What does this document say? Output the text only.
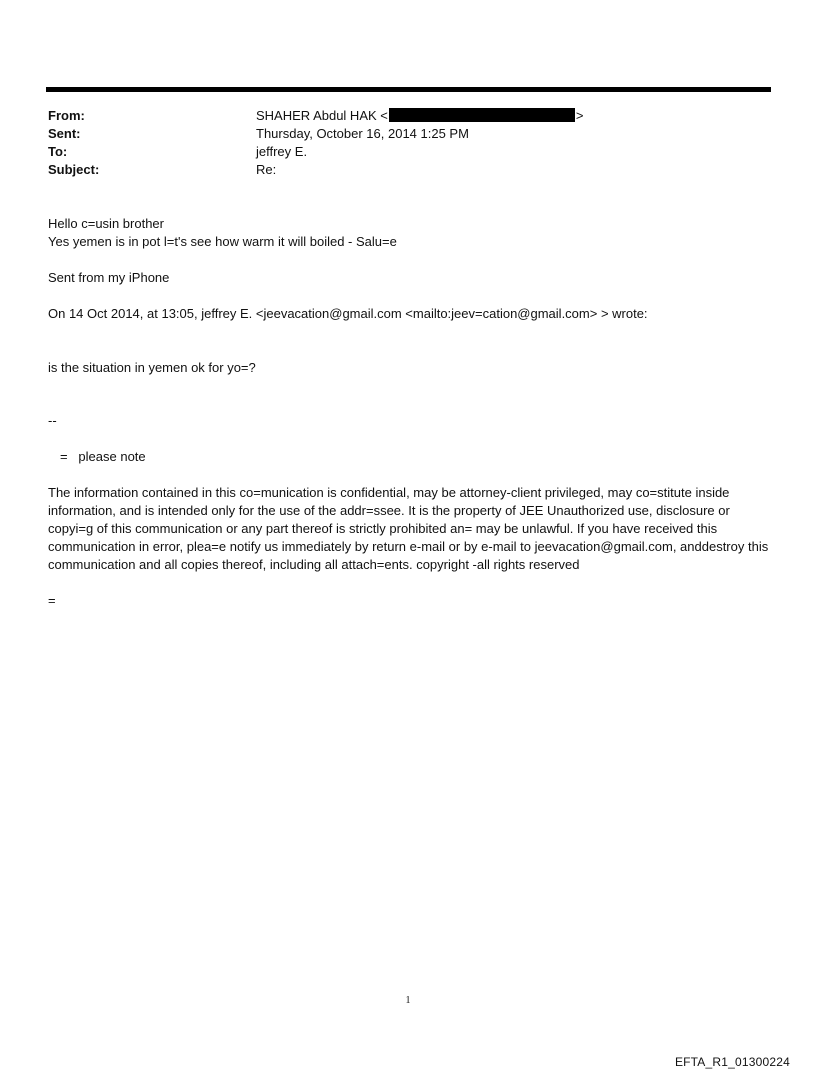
From:	SHAHER Abdul HAK <	>
Sent:	Thursday, October 16, 2014 1:25 PM
To:	jeffrey E.
Subject:	Re:
Hello c=usin brother
Yes yemen is in pot l=t's see how warm it will boiled - Salu=e
Sent from my iPhone
On 14 Oct 2014, at 13:05, jeffrey E. <jeevacation@gmail.com <mailto:jeev=cation@gmail.com> > wrote:
is the situation in yemen ok for yo=?
--
=   please note
The information contained in this co=munication is confidential, may be attorney-client privileged, may co=stitute inside information, and is intended only for the use of the addr=ssee. It is the property of JEE Unauthorized use, disclosure or copyi=g of this communication or any part thereof is strictly prohibited an= may be unlawful. If you have received this communication in error, plea=e notify us immediately by return e-mail or by e-mail to jeevacation@gmail.com, anddestroy this communication and all copies thereof, including all attach=ents. copyright -all rights reserved
=
1
EFTA_R1_01300224
